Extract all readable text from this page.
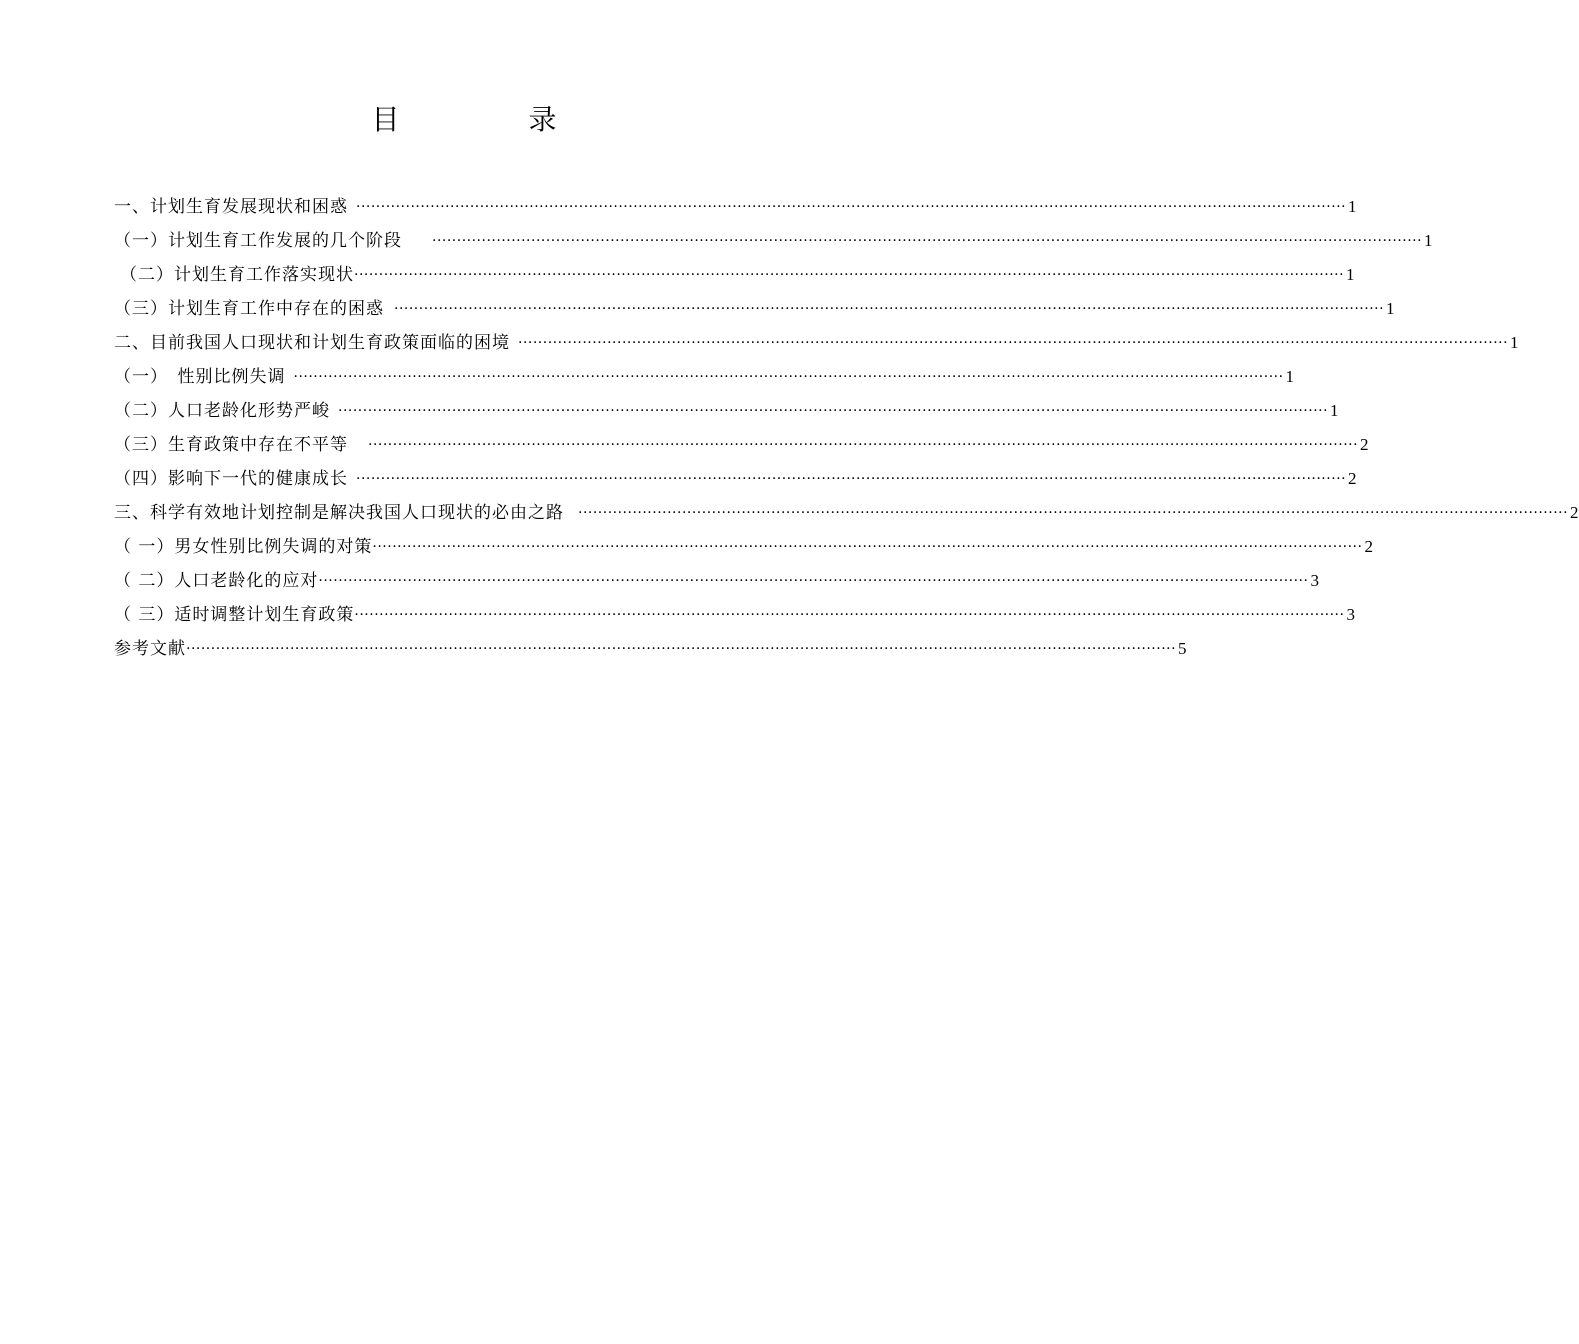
目 录
一、计划生育发展现状和困惑 ········································································································································································································ 1
（一）计划生育工作发展的几个阶段 ········································································································································································································ 1
（二）计划生育工作落实现状 ········································································································································································································ 1
（三）计划生育工作中存在的困惑 ········································································································································································································ 1
二、目前我国人口现状和计划生育政策面临的困境 ········································································································································································································ 1
（一）　性别比例失调 ········································································································································································································ 1
（二）人口老龄化形势严峻 ········································································································································································································ 1
（三）生育政策中存在不平等 ········································································································································································································ 2
（四）影响下一代的健康成长 ········································································································································································································ 2
三、科学有效地计划控制是解决我国人口现状的必由之路 ········································································································································································································ 2
（ 一）男女性别比例失调的对策 ········································································································································································································ 2
（ 二）人口老龄化的应对 ········································································································································································································ 3
（ 三）适时调整计划生育政策 ········································································································································································································ 3
参考文献 ········································································································································································································ 5
